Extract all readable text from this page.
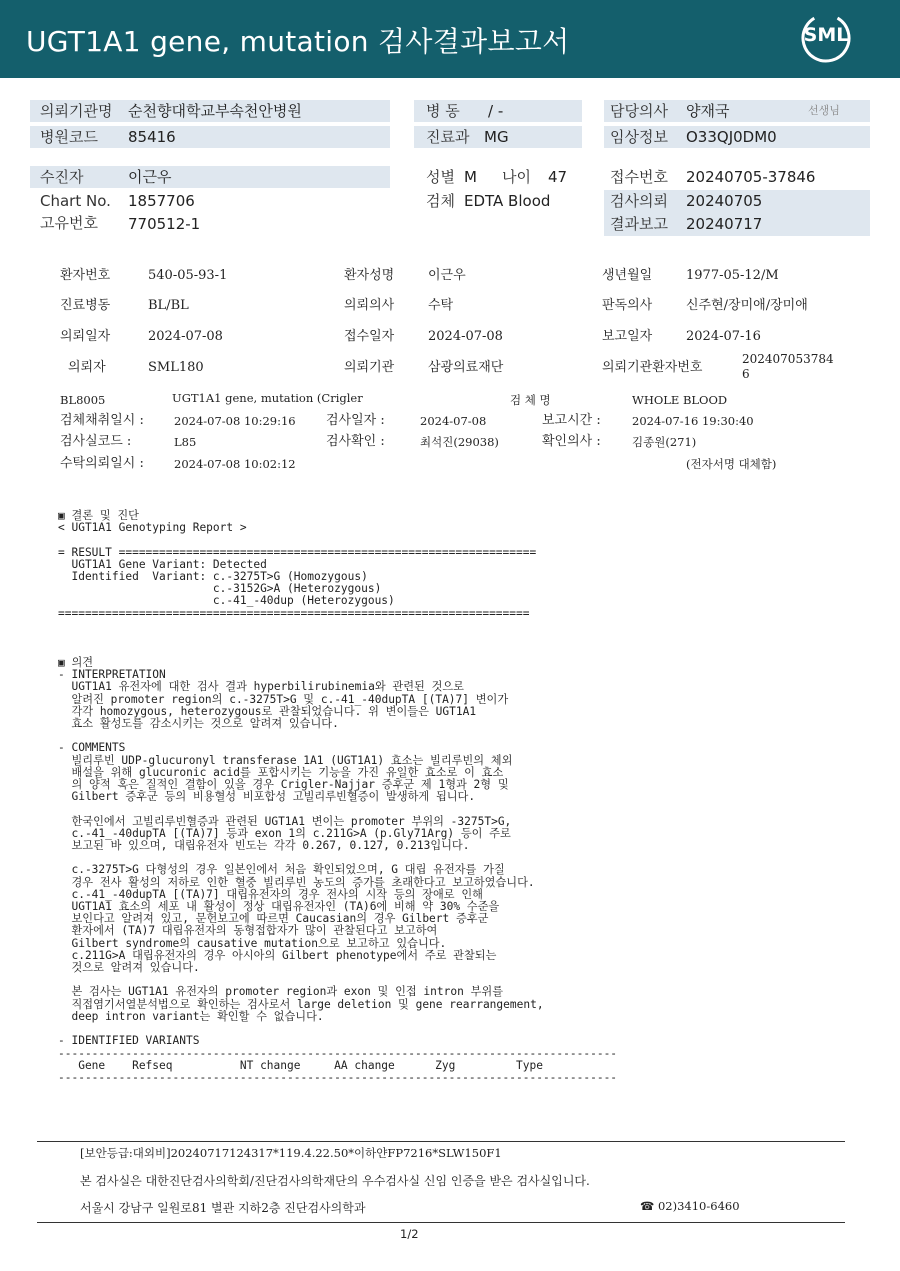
UGT1A1 gene, mutation 검사결과보고서	SML
의뢰기관명 순천향대학교부속천안병원	병 동 / -	담당의사 양재국	선생님
병원코드 85416	진료과 MG	임상정보 O33QJ0DM0
수진자	이근우	성별 M 나이 47	접수번호 20240705-37846
Chart No. 1857706	검체 EDTA Blood	검사의뢰 20240705
고유번호 770512-1	결과보고 20240717
환자번호	540-05-93-1	환자성명	이근우	생년월일	1977-05-12/M
진료병동	BL/BL	의뢰의사	수탁	판독의사	신주현/장미애/장미애
의뢰일자	2024-07-08	접수일자	2024-07-08	보고일자	2024-07-16
의뢰자	SML180	의뢰기관	삼광의료재단	의뢰기관환자번호
202407053784
6
BL8005	UGT1A1 gene, mutation (Crigler	검 체 명	WHOLE BLOOD
검체채취일시 :	2024-07-08 10:29:16 검사일자 :	2024-07-08	보고시간 :	2024-07-16 19:30:40
검사실코드 :	L85	검사확인 :	최석진(29038)	확인의사 :	김종원(271)
수탁의뢰일시 :	2024-07-08 10:02:12	(전자서명 대체함)
▣ 결론 및 진단
< UGT1A1 Genotyping Report >

= RESULT ==============================================================
UGT1A1 Gene Variant: Detected
Identified  Variant: c.-3275T>G (Homozygous)
c.-3152G>A (Heterozygous)
c.-41_-40dup (Heterozygous)
======================================================================
▣ 의견
- INTERPRETATION
UGT1A1 유전자에 대한 검사 결과 hyperbilirubinemia와 관련된 것으로
알려진 promoter region의 c.-3275T>G 및 c.-41_-40dupTA [(TA)7] 변이가
각각 homozygous, heterozygous로 관찰되었습니다. 위 변이들은 UGT1A1
효소 활성도를 감소시키는 것으로 알려져 있습니다.

- COMMENTS
빌리루빈 UDP-glucuronyl transferase 1A1 (UGT1A1) 효소는 빌리루빈의 체외
배설을 위해 glucuronic acid를 포합시키는 기능을 가진 유일한 효소로 이 효소
의 양적 혹은 질적인 결함이 있을 경우 Crigler-Najjar 증후군 제 1형과 2형 및
Gilbert 증후군 등의 비용혈성 비포합성 고빌리루빈혈증이 발생하게 됩니다.

한국인에서 고빌리루빈혈증과 관련된 UGT1A1 변이는 promoter 부위의 -3275T>G,
c.-41_-40dupTA [(TA)7] 등과 exon 1의 c.211G>A (p.Gly71Arg) 등이 주로
보고된 바 있으며, 대립유전자 빈도는 각각 0.267, 0.127, 0.213입니다.

c.-3275T>G 다형성의 경우 일본인에서 처음 확인되었으며, G 대립 유전자를 가질
경우 전사 활성의 저하로 인한 혈중 빌리루빈 농도의 증가를 초래한다고 보고하였습니다.
c.-41_-40dupTA [(TA)7] 대립유전자의 경우 전사의 시작 등의 장애로 인해
UGT1A1 효소의 세포 내 활성이 정상 대립유전자인 (TA)6에 비해 약 30% 수준을
보인다고 알려져 있고, 문헌보고에 따르면 Caucasian의 경우 Gilbert 증후군
환자에서 (TA)7 대립유전자의 동형접합자가 많이 관찰된다고 보고하여
Gilbert syndrome의 causative mutation으로 보고하고 있습니다.
c.211G>A 대립유전자의 경우 아시아의 Gilbert phenotype에서 주로 관찰되는
것으로 알려져 있습니다.

본 검사는 UGT1A1 유전자의 promoter region과 exon 및 인접 intron 부위를
직접염기서열분석법으로 확인하는 검사로서 large deletion 및 gene rearrangement,
deep intron variant는 확인할 수 없습니다.

- IDENTIFIED VARIANTS
-----------------------------------------------------------------------------------
Gene    Refseq          NT change     AA change      Zyg         Type
-----------------------------------------------------------------------------------
[보안등급:대외비]20240717124317*119.4.22.50*이하얀FP7216*SLW150F1
본 검사실은 대한진단검사의학회/진단검사의학재단의 우수검사실 신임 인증을 받은 검사실입니다.
서울시 강남구 일원로81 별관 지하2층 진단검사의학과	☎ 02)3410-6460
1/2
